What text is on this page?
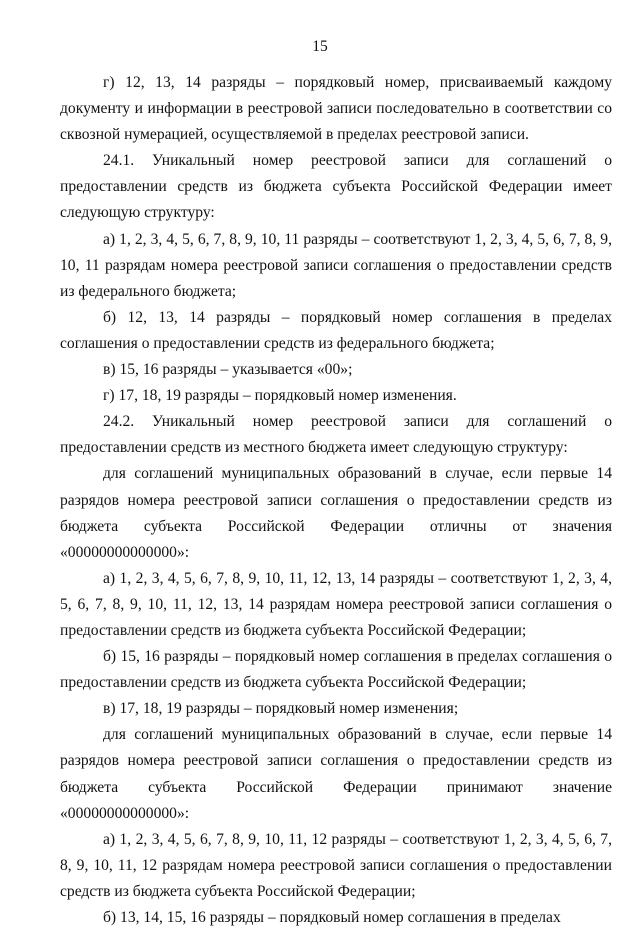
15

г) 12, 13, 14 разряды – порядковый номер, присваиваемый каждому документу и информации в реестровой записи последовательно в соответствии со сквозной нумерацией, осуществляемой в пределах реестровой записи.

24.1. Уникальный номер реестровой записи для соглашений о предоставлении средств из бюджета субъекта Российской Федерации имеет следующую структуру:

а) 1, 2, 3, 4, 5, 6, 7, 8, 9, 10, 11 разряды – соответствуют 1, 2, 3, 4, 5, 6, 7, 8, 9, 10, 11 разрядам номера реестровой записи соглашения о предоставлении средств из федерального бюджета;

б) 12, 13, 14 разряды – порядковый номер соглашения в пределах соглашения о предоставлении средств из федерального бюджета;

в) 15, 16 разряды – указывается «00»;

г) 17, 18, 19 разряды – порядковый номер изменения.

24.2. Уникальный номер реестровой записи для соглашений о предоставлении средств из местного бюджета имеет следующую структуру:

для соглашений муниципальных образований в случае, если первые 14 разрядов номера реестровой записи соглашения о предоставлении средств из бюджета субъекта Российской Федерации отличны от значения «00000000000000»:

а) 1, 2, 3, 4, 5, 6, 7, 8, 9, 10, 11, 12, 13, 14 разряды – соответствуют 1, 2, 3, 4, 5, 6, 7, 8, 9, 10, 11, 12, 13, 14 разрядам номера реестровой записи соглашения о предоставлении средств из бюджета субъекта Российской Федерации;

б) 15, 16 разряды – порядковый номер соглашения в пределах соглашения о предоставлении средств из бюджета субъекта Российской Федерации;

в) 17, 18, 19 разряды – порядковый номер изменения;

для соглашений муниципальных образований в случае, если первые 14 разрядов номера реестровой записи соглашения о предоставлении средств из бюджета субъекта Российской Федерации принимают значение «00000000000000»:

а) 1, 2, 3, 4, 5, 6, 7, 8, 9, 10, 11, 12 разряды – соответствуют 1, 2, 3, 4, 5, 6, 7, 8, 9, 10, 11, 12 разрядам номера реестровой записи соглашения о предоставлении средств из бюджета субъекта Российской Федерации;

б) 13, 14, 15, 16 разряды – порядковый номер соглашения в пределах
